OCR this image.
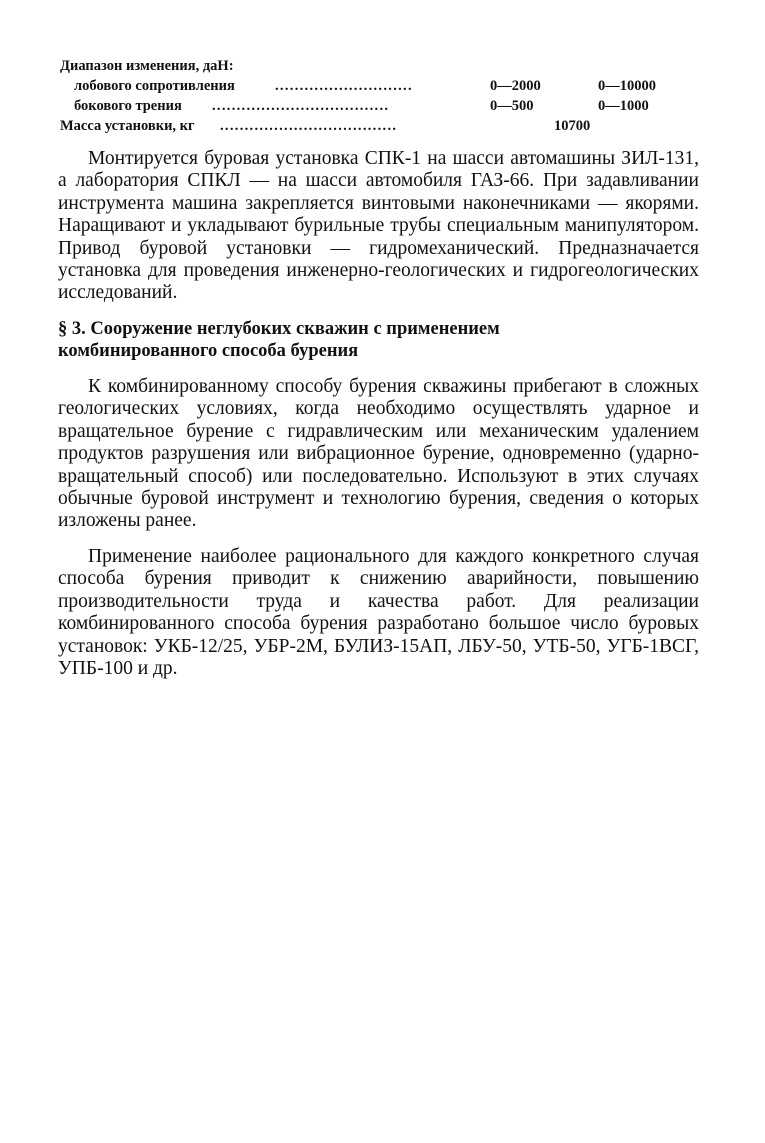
Диапазон изменения, даН:
............................
лобового сопротивления	0—2000	0—10000
....................................
бокового трения	0—500	0—1000
....................................
Масса установки, кг	10700

Монтируется буровая установка СПК-1 на шасси автомашины ЗИЛ-131, а лаборатория СПКЛ — на шасси автомобиля ГАЗ-66. При задавливании инструмента машина закрепляется винтовыми наконечниками — якорями. Наращивают и укладывают бурильные трубы специальным манипулятором. Привод буровой установки — гидромеханический. Предназначается установка для проведения инженерно-геологических и гидрогеологических исследований.

§ 3. Сооружение неглубоких скважин с применением комбинированного способа бурения

К комбинированному способу бурения скважины прибегают в сложных геологических условиях, когда необходимо осуществлять ударное и вращательное бурение с гидравлическим или механическим удалением продуктов разрушения или вибрационное бурение, одновременно (ударно-вращательный способ) или последовательно. Используют в этих случаях обычные буровой инструмент и технологию бурения, сведения о которых изложены ранее.

Применение наиболее рационального для каждого конкретного случая способа бурения приводит к снижению аварийности, повышению производительности труда и качества работ. Для реализации комбинированного способа бурения разработано большое число буровых установок: УКБ-12/25, УБР-2М, БУЛИЗ-15АП, ЛБУ-50, УТБ-50, УГБ-1ВСГ, УПБ-100 и др.
